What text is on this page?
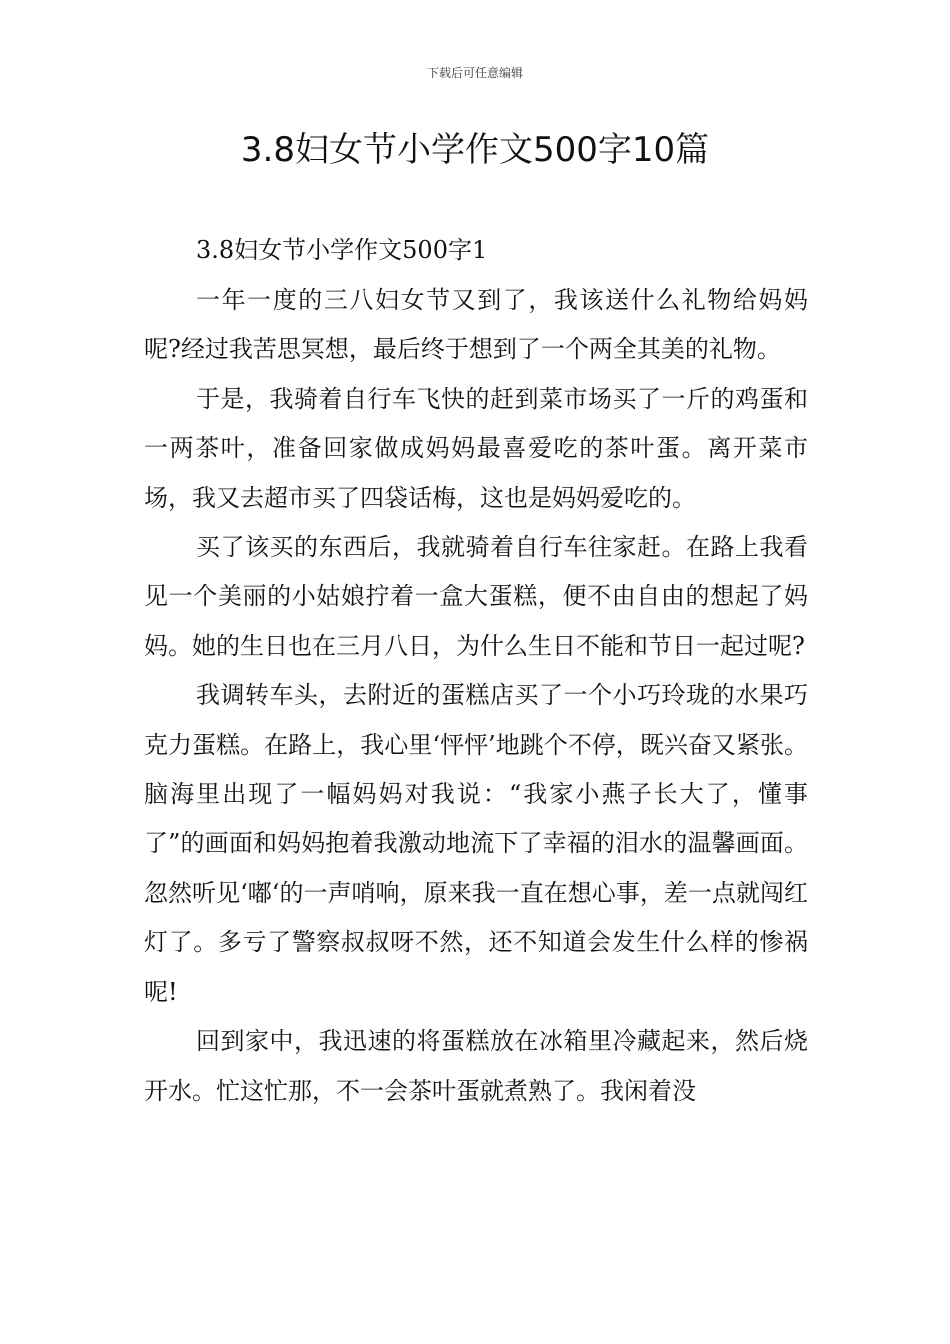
下载后可任意编辑
3.8妇女节小学作文500字10篇

3.8妇女节小学作文500字1

一年一度的三八妇女节又到了，我该送什么礼物给妈妈呢?经过我苦思冥想，最后终于想到了一个两全其美的礼物。

于是，我骑着自行车飞快的赶到菜市场买了一斤的鸡蛋和一两茶叶，准备回家做成妈妈最喜爱吃的茶叶蛋。离开菜市场，我又去超市买了四袋话梅，这也是妈妈爱吃的。

买了该买的东西后，我就骑着自行车往家赶。在路上我看见一个美丽的小姑娘拧着一盒大蛋糕，便不由自由的想起了妈妈。她的生日也在三月八日，为什么生日不能和节日一起过呢?

我调转车头，去附近的蛋糕店买了一个小巧玲珑的水果巧克力蛋糕。在路上，我心里‘怦怦’地跳个不停，既兴奋又紧张。脑海里出现了一幅妈妈对我说：“我家小燕子长大了，懂事了”的画面和妈妈抱着我激动地流下了幸福的泪水的温馨画面。忽然听见‘嘟‘的一声哨响，原来我一直在想心事，差一点就闯红灯了。多亏了警察叔叔呀不然，还不知道会发生什么样的惨祸呢!

回到家中，我迅速的将蛋糕放在冰箱里冷藏起来，然后烧开水。忙这忙那，不一会茶叶蛋就煮熟了。我闲着没
